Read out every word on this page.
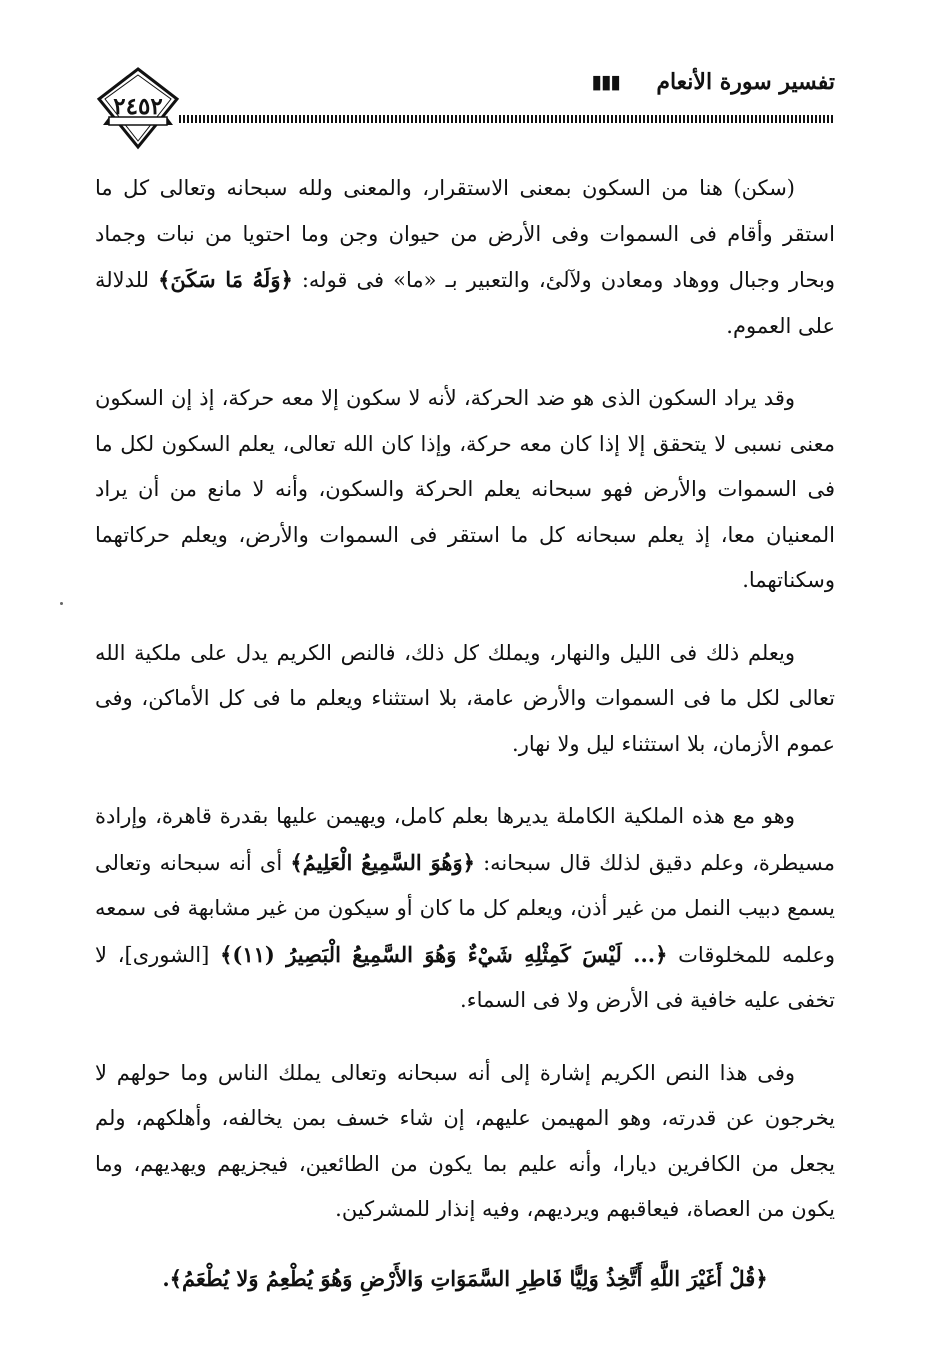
٢٤٥٢
تفسير سورة الأنعام
▮▮▮

(سكن) هنا من السكون بمعنى الاستقرار، والمعنى ولله سبحانه وتعالى كل ما استقر وأقام فى السموات وفى الأرض من حيوان وجن وما احتويا من نبات وجماد وبحار وجبال ووهاد ومعادن ولآلئ، والتعبير بـ «ما» فى قوله: ﴿وَلَهُ مَا سَكَنَ﴾ للدلالة على العموم.

وقد يراد السكون الذى هو ضد الحركة، لأنه لا سكون إلا معه حركة، إذ إن السكون معنى نسبى لا يتحقق إلا إذا كان معه حركة، وإذا كان الله تعالى، يعلم السكون لكل ما فى السموات والأرض فهو سبحانه يعلم الحركة والسكون، وأنه لا مانع من أن يراد المعنيان معا، إذ يعلم سبحانه كل ما استقر فى السموات والأرض، ويعلم حركاتهما وسكناتهما.

ويعلم ذلك فى الليل والنهار، ويملك كل ذلك، فالنص الكريم يدل على ملكية الله تعالى لكل ما فى السموات والأرض عامة، بلا استثناء ويعلم ما فى كل الأماكن، وفى عموم الأزمان، بلا استثناء ليل ولا نهار.

وهو مع هذه الملكية الكاملة يديرها بعلم كامل، ويهيمن عليها بقدرة قاهرة، وإرادة مسيطرة، وعلم دقيق لذلك قال سبحانه: ﴿وَهُوَ السَّمِيعُ الْعَلِيمُ﴾ أى أنه سبحانه وتعالى يسمع دبيب النمل من غير أذن، ويعلم كل ما كان أو سيكون من غير مشابهة فى سمعه وعلمه للمخلوقات ﴿... لَيْسَ كَمِثْلِهِ شَيْءٌ وَهُوَ السَّمِيعُ الْبَصِيرُ (١١)﴾ [الشورى]، لا تخفى عليه خافية فى الأرض ولا فى السماء.

وفى هذا النص الكريم إشارة إلى أنه سبحانه وتعالى يملك الناس وما حولهم لا يخرجون عن قدرته، وهو المهيمن عليهم، إن شاء خسف بمن يخالفه، وأهلكهم، ولم يجعل من الكافرين ديارا، وأنه عليم بما يكون من الطائعين، فيجزيهم ويهديهم، وما يكون من العصاة، فيعاقبهم ويرديهم، وفيه إنذار للمشركين.

﴿قُلْ أَغَيْرَ اللَّهِ أَتَّخِذُ وَلِيًّا فَاطِرِ السَّمَوَاتِ وَالأَرْضِ وَهُوَ يُطْعِمُ وَلا يُطْعَمُ﴾.
